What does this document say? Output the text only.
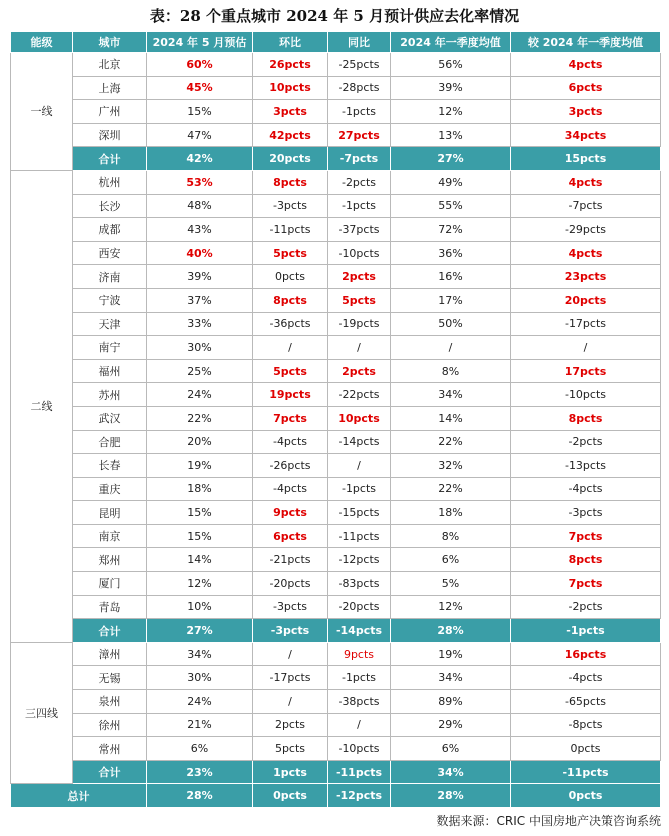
表：28 个重点城市 2024 年 5 月预计供应去化率情况
能级	城市	2024 年 5 月预估	环比	同比	2024 年一季度均值	较 2024 年一季度均值
一线	北京	60%	26pcts	-25pcts	56%	4pcts
	上海	45%	10pcts	-28pcts	39%	6pcts
	广州	15%	3pcts	-1pcts	12%	3pcts
	深圳	47%	42pcts	27pcts	13%	34pcts
	合计	42%	20pcts	-7pcts	27%	15pcts
二线	杭州	53%	8pcts	-2pcts	49%	4pcts
	长沙	48%	-3pcts	-1pcts	55%	-7pcts
	成都	43%	-11pcts	-37pcts	72%	-29pcts
	西安	40%	5pcts	-10pcts	36%	4pcts
	济南	39%	0pcts	2pcts	16%	23pcts
	宁波	37%	8pcts	5pcts	17%	20pcts
	天津	33%	-36pcts	-19pcts	50%	-17pcts
	南宁	30%	/	/	/	/
	福州	25%	5pcts	2pcts	8%	17pcts
	苏州	24%	19pcts	-22pcts	34%	-10pcts
	武汉	22%	7pcts	10pcts	14%	8pcts
	合肥	20%	-4pcts	-14pcts	22%	-2pcts
	长春	19%	-26pcts	/	32%	-13pcts
	重庆	18%	-4pcts	-1pcts	22%	-4pcts
	昆明	15%	9pcts	-15pcts	18%	-3pcts
	南京	15%	6pcts	-11pcts	8%	7pcts
	郑州	14%	-21pcts	-12pcts	6%	8pcts
	厦门	12%	-20pcts	-83pcts	5%	7pcts
	青岛	10%	-3pcts	-20pcts	12%	-2pcts
	合计	27%	-3pcts	-14pcts	28%	-1pcts
三四线	漳州	34%	/	9pcts	19%	16pcts
	无锡	30%	-17pcts	-1pcts	34%	-4pcts
	泉州	24%	/	-38pcts	89%	-65pcts
	徐州	21%	2pcts	/	29%	-8pcts
	常州	6%	5pcts	-10pcts	6%	0pcts
	合计	23%	1pcts	-11pcts	34%	-11pcts
总计		28%	0pcts	-12pcts	28%	0pcts
数据来源：CRIC 中国房地产决策咨询系统
